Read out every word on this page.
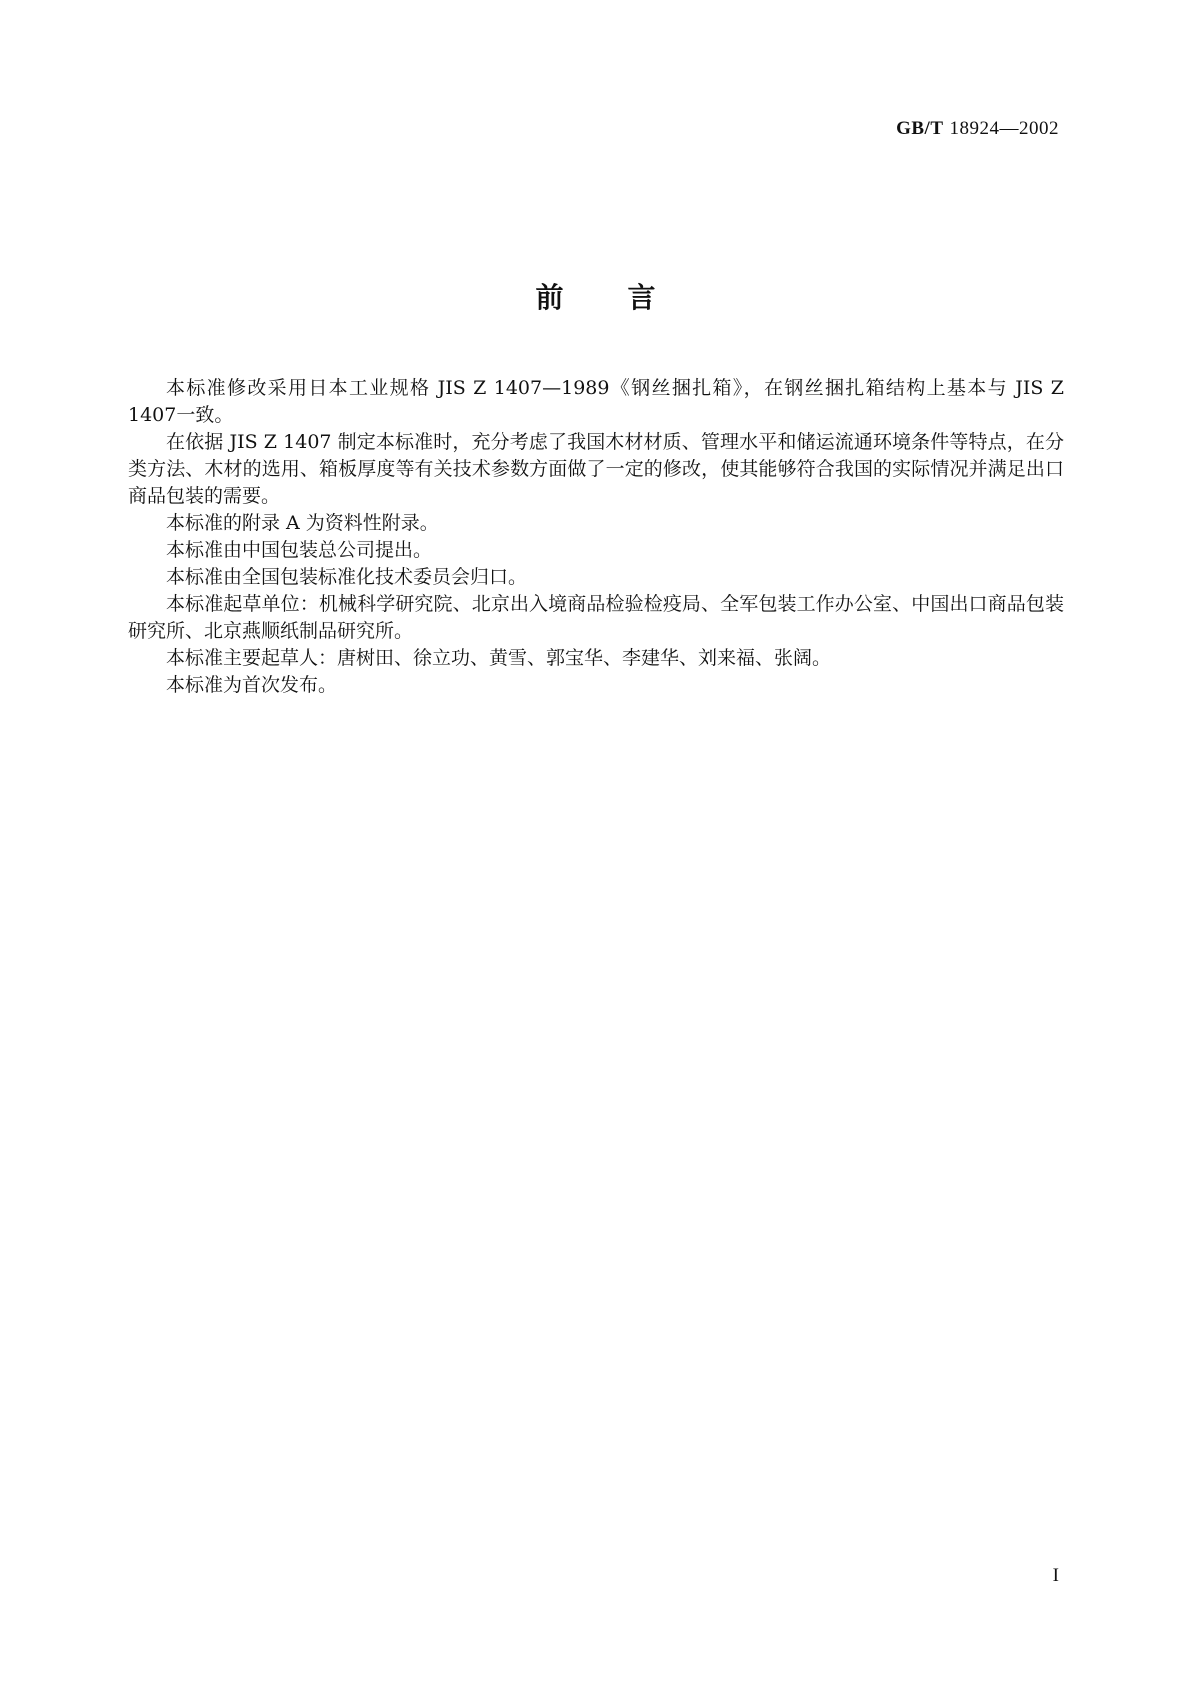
GB/T 18924—2002
前言

本标准修改采用日本工业规格 JIS Z 1407—1989《钢丝捆扎箱》，在钢丝捆扎箱结构上基本与 JIS Z 1407一致。

在依据 JIS Z 1407 制定本标准时，充分考虑了我国木材材质、管理水平和储运流通环境条件等特点，在分类方法、木材的选用、箱板厚度等有关技术参数方面做了一定的修改，使其能够符合我国的实际情况并满足出口商品包装的需要。

本标准的附录 A 为资料性附录。

本标准由中国包装总公司提出。

本标准由全国包装标准化技术委员会归口。

本标准起草单位：机械科学研究院、北京出入境商品检验检疫局、全军包装工作办公室、中国出口商品包装研究所、北京燕顺纸制品研究所。

本标准主要起草人：唐树田、徐立功、黄雪、郭宝华、李建华、刘来福、张阔。

本标准为首次发布。

I
